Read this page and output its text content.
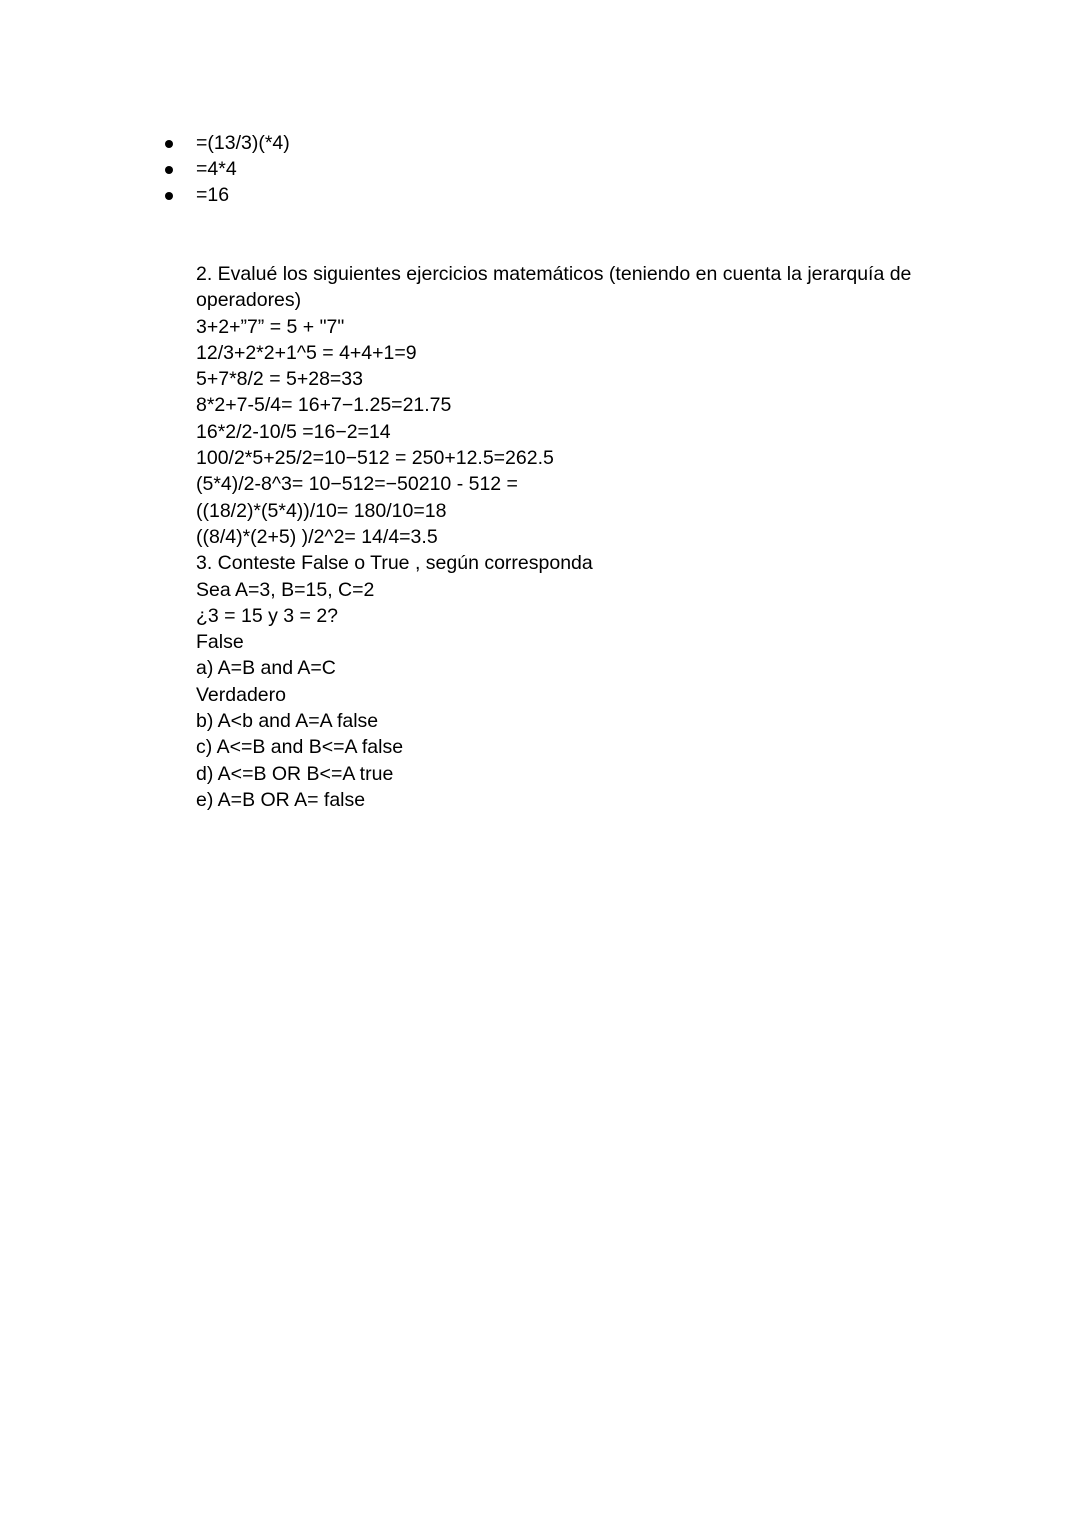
=(13/3)(*4)
=4*4
=16
2. Evalué los siguientes ejercicios matemáticos (teniendo en cuenta la jerarquía de operadores)
3+2+”7” = 5 + "7"
12/3+2*2+1^5 = 4+4+1=9
5+7*8/2 = 5+28=33
8*2+7-5/4= 16+7−1.25=21.75
16*2/2-10/5 =16−2=14
100/2*5+25/2=10−512 = 250+12.5=262.5
(5*4)/2-8^3= 10−512=−50210 - 512 =
((18/2)*(5*4))/10= 180/10=18
((8/4)*(2+5) )/2^2= 14/4=3.5
3. Conteste False o True , según corresponda
Sea A=3, B=15, C=2
¿3 = 15 y 3 = 2?
False
a) A=B and A=C
Verdadero
b) A<b and A=A false
c) A<=B and B<=A false
d) A<=B OR B<=A true
e) A=B OR A= false
